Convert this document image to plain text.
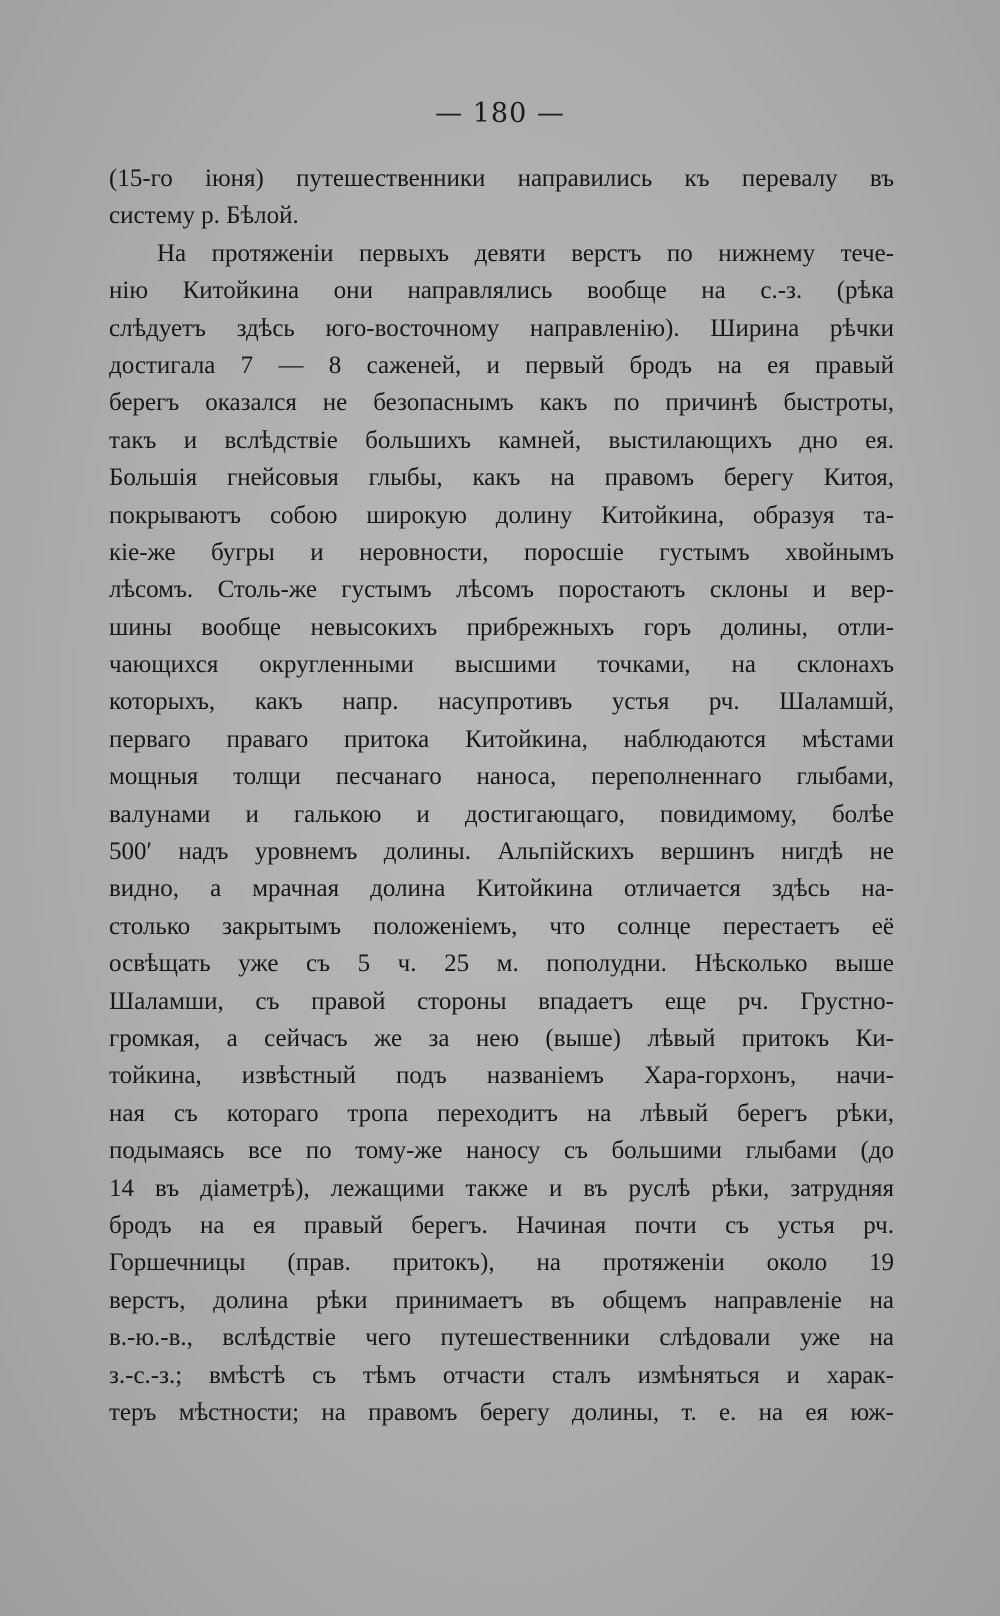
— 180 —
(15-го іюня) путешественники направились къ перевалу въ
систему р. Бѣлой.
На протяженіи первыхъ девяти верстъ по нижнему тече-
нію Китойкина они направлялись вообще на с.-з. (рѣка
слѣдуетъ здѣсь юго-восточному направленію). Ширина рѣчки
достигала 7 — 8 саженей, и первый бродъ на ея правый
берегъ оказался не безопаснымъ какъ по причинѣ быстроты,
такъ и вслѣдствіе большихъ камней, выстилающихъ дно ея.
Большія гнейсовыя глыбы, какъ на правомъ берегу Китоя,
покрываютъ собою широкую долину Китойкина, образуя та-
кіе-же бугры и неровности, поросшіе густымъ хвойнымъ
лѣсомъ. Столь-же густымъ лѣсомъ поростаютъ склоны и вер-
шины вообще невысокихъ прибрежныхъ горъ долины, отли-
чающихся округленными высшими точками, на склонахъ
которыхъ, какъ напр. насупротивъ устья рч. Шаламшй,
перваго праваго притока Китойкина, наблюдаются мѣстами
мощныя толщи песчанаго наноса, переполненнаго глыбами,
валунами и галькою и достигающаго, повидимому, болѣе
500′ надъ уровнемъ долины. Альпійскихъ вершинъ нигдѣ не
видно, а мрачная долина Китойкина отличается здѣсь на-
столько закрытымъ положеніемъ, что солнце перестаетъ её
освѣщать уже съ 5 ч. 25 м. пополудни. Нѣсколько выше
Шаламши, съ правой стороны впадаетъ еще рч. Грустно-
громкая, а сейчасъ же за нею (выше) лѣвый притокъ Ки-
тойкина, извѣстный подъ названіемъ Хара-горхонъ, начи-
ная съ котораго тропа переходитъ на лѣвый берегъ рѣки,
подымаясь все по тому-же наносу съ большими глыбами (до
14 въ діаметрѣ), лежащими также и въ руслѣ рѣки, затрудняя
бродъ на ея правый берегъ. Начиная почти съ устья рч.
Горшечницы (прав. притокъ), на протяженіи около 19
верстъ, долина рѣки принимаетъ въ общемъ направленіе на
в.-ю.-в., вслѣдствіе чего путешественники слѣдовали уже на
з.-с.-з.; вмѣстѣ съ тѣмъ отчасти сталъ измѣняться и харак-
теръ мѣстности; на правомъ берегу долины, т. е. на ея юж-
